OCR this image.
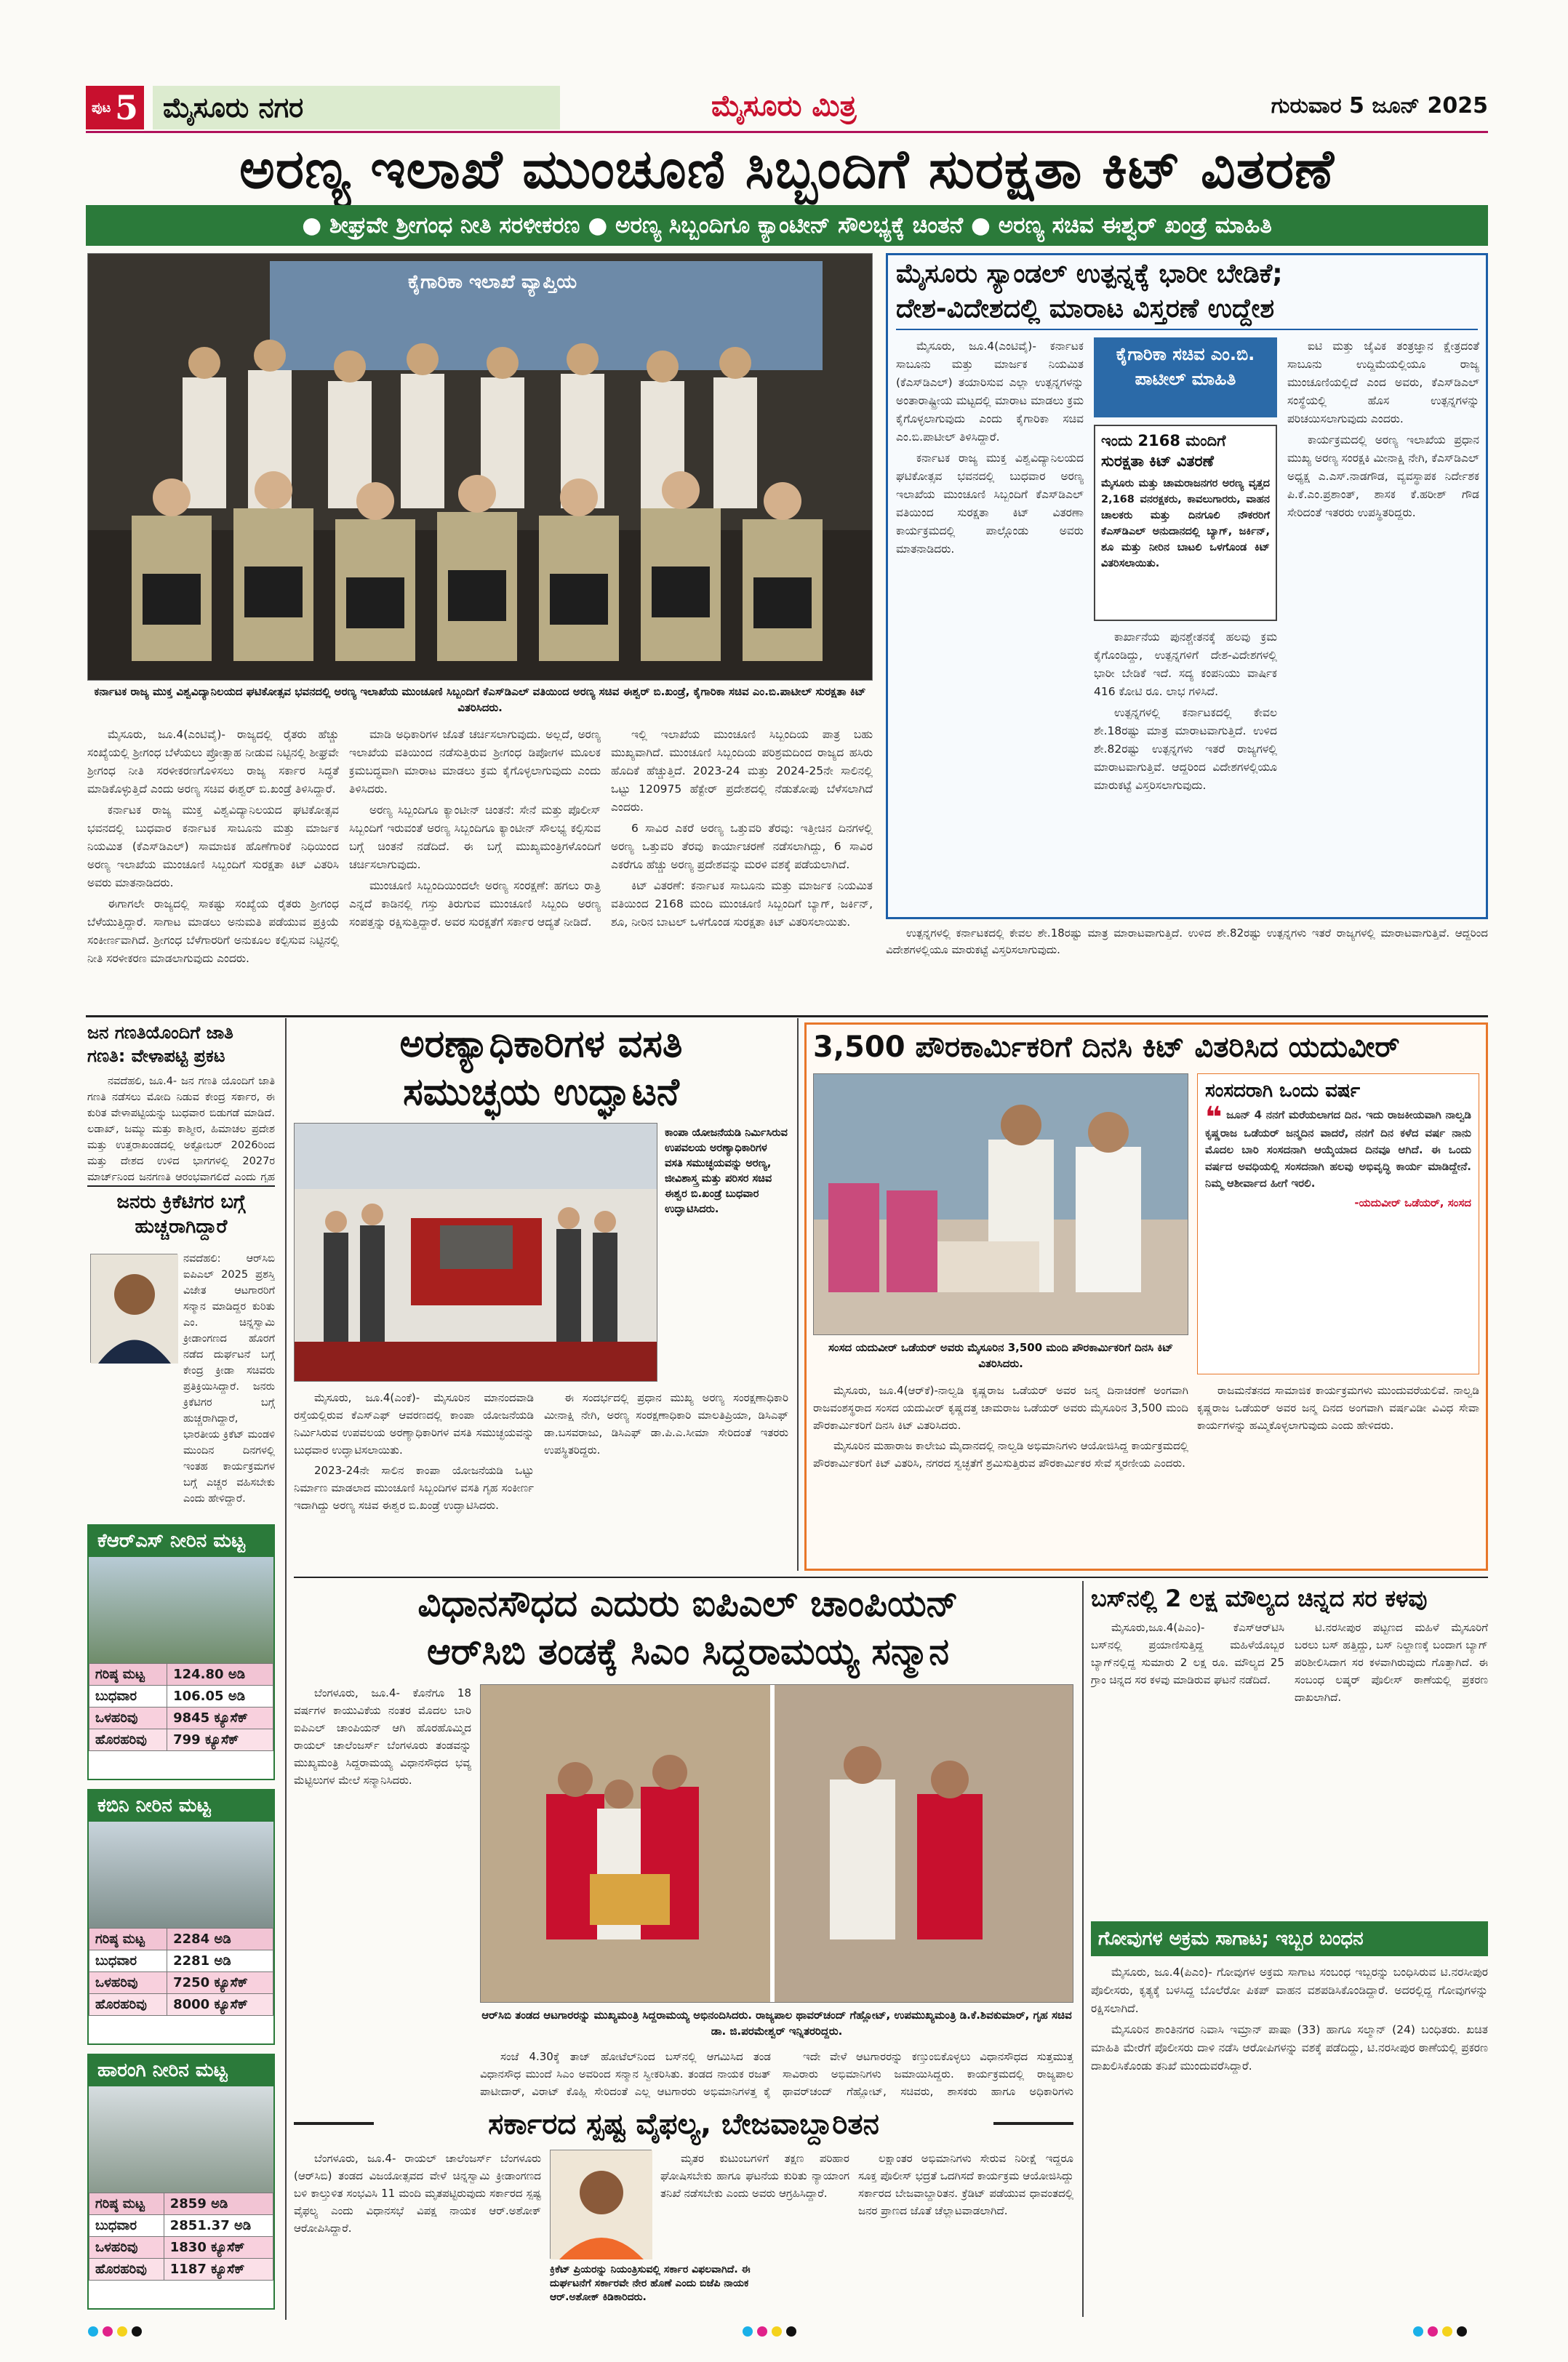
ಪುಟ 5 ಮೈಸೂರು ನಗರ	ಮೈಸೂರು ಮಿತ್ರ	ಗುರುವಾರ 5 ಜೂನ್ 2025
ಅರಣ್ಯ ಇಲಾಖೆ ಮುಂಚೂಣಿ ಸಿಬ್ಬಂದಿಗೆ ಸುರಕ್ಷತಾ ಕಿಟ್ ವಿತರಣೆ
● ಶೀಘ್ರವೇ ಶ್ರೀಗಂಧ ನೀತಿ ಸರಳೀಕರಣ ● ಅರಣ್ಯ ಸಿಬ್ಬಂದಿಗೂ ಕ್ಯಾಂಟೀನ್ ಸೌಲಭ್ಯಕ್ಕೆ ಚಿಂತನೆ ● ಅರಣ್ಯ ಸಚಿವ ಈಶ್ವರ್ ಖಂಡ್ರೆ ಮಾಹಿತಿ
ಕೈಗಾರಿಕಾ ಇಲಾಖೆ ವ್ಯಾಪ್ತಿಯ
ಕರ್ನಾಟಕ ರಾಜ್ಯ ಮುಕ್ತ ವಿಶ್ವವಿದ್ಯಾನಿಲಯದ ಘಟಿಕೋತ್ಸವ ಭವನದಲ್ಲಿ ಅರಣ್ಯ ಇಲಾಖೆಯ ಮುಂಚೂಣಿ ಸಿಬ್ಬಂದಿಗೆ ಕೆಎಸ್‌ಡಿಎಲ್ ವತಿಯಿಂದ ಅರಣ್ಯ ಸಚಿವ ಈಶ್ವರ್ ಬಿ.ಖಂಡ್ರೆ, ಕೈಗಾರಿಕಾ ಸಚಿವ ಎಂ.ಬಿ.ಪಾಟೀಲ್ ಸುರಕ್ಷತಾ ಕಿಟ್ ವಿತರಿಸಿದರು.

ಮೈಸೂರು, ಜೂ.4(ಎಂಟಿವೈ)- ರಾಜ್ಯದಲ್ಲಿ ರೈತರು ಹೆಚ್ಚು ಸಂಖ್ಯೆಯಲ್ಲಿ ಶ್ರೀಗಂಧ ಬೆಳೆಯಲು ಪ್ರೋತ್ಸಾಹ ನೀಡುವ ನಿಟ್ಟಿನಲ್ಲಿ ಶೀಘ್ರವೇ ಶ್ರೀಗಂಧ ನೀತಿ ಸರಳೀಕರಣಗೊಳಿಸಲು ರಾಜ್ಯ ಸರ್ಕಾರ ಸಿದ್ಧತೆ ಮಾಡಿಕೊಳ್ಳುತ್ತಿದೆ ಎಂದು ಅರಣ್ಯ ಸಚಿವ ಈಶ್ವರ್ ಬಿ.ಖಂಡ್ರೆ ತಿಳಿಸಿದ್ದಾರೆ.

ಕರ್ನಾಟಕ ರಾಜ್ಯ ಮುಕ್ತ ವಿಶ್ವವಿದ್ಯಾನಿಲಯದ ಘಟಿಕೋತ್ಸವ ಭವನದಲ್ಲಿ ಬುಧವಾರ ಕರ್ನಾಟಕ ಸಾಬೂನು ಮತ್ತು ಮಾರ್ಜಕ ನಿಯಮಿತ (ಕೆಎಸ್‌ಡಿಎಲ್) ಸಾಮಾಜಿಕ ಹೊಣೆಗಾರಿಕೆ ನಿಧಿಯಿಂದ ಅರಣ್ಯ ಇಲಾಖೆಯ ಮುಂಚೂಣಿ ಸಿಬ್ಬಂದಿಗೆ ಸುರಕ್ಷತಾ ಕಿಟ್ ವಿತರಿಸಿ ಅವರು ಮಾತನಾಡಿದರು.

ಈಗಾಗಲೇ ರಾಜ್ಯದಲ್ಲಿ ಸಾಕಷ್ಟು ಸಂಖ್ಯೆಯ ರೈತರು ಶ್ರೀಗಂಧ ಬೆಳೆಯುತ್ತಿದ್ದಾರೆ. ಸಾಗಾಟ ಮಾಡಲು ಅನುಮತಿ ಪಡೆಯುವ ಪ್ರಕ್ರಿಯೆ ಸಂಕೀರ್ಣವಾಗಿದೆ. ಶ್ರೀಗಂಧ ಬೆಳೆಗಾರರಿಗೆ ಅನುಕೂಲ ಕಲ್ಪಿಸುವ ನಿಟ್ಟಿನಲ್ಲಿ ನೀತಿ ಸರಳೀಕರಣ ಮಾಡಲಾಗುವುದು ಎಂದರು.

ಮಾಡಿ ಅಧಿಕಾರಿಗಳ ಜೊತೆ ಚರ್ಚಿಸಲಾಗುವುದು. ಅಲ್ಲದೆ, ಅರಣ್ಯ ಇಲಾಖೆಯ ವತಿಯಿಂದ ನಡೆಸುತ್ತಿರುವ ಶ್ರೀಗಂಧ ಡಿಪೋಗಳ ಮೂಲಕ ಕ್ರಮಬದ್ಧವಾಗಿ ಮಾರಾಟ ಮಾಡಲು ಕ್ರಮ ಕೈಗೊಳ್ಳಲಾಗುವುದು ಎಂದು ತಿಳಿಸಿದರು.

ಅರಣ್ಯ ಸಿಬ್ಬಂದಿಗೂ ಕ್ಯಾಂಟೀನ್ ಚಿಂತನೆ: ಸೇನೆ ಮತ್ತು ಪೊಲೀಸ್ ಸಿಬ್ಬಂದಿಗೆ ಇರುವಂತೆ ಅರಣ್ಯ ಸಿಬ್ಬಂದಿಗೂ ಕ್ಯಾಂಟೀನ್ ಸೌಲಭ್ಯ ಕಲ್ಪಿಸುವ ಬಗ್ಗೆ ಚಿಂತನೆ ನಡೆದಿದೆ. ಈ ಬಗ್ಗೆ ಮುಖ್ಯಮಂತ್ರಿಗಳೊಂದಿಗೆ ಚರ್ಚಿಸಲಾಗುವುದು.

ಮುಂಚೂಣಿ ಸಿಬ್ಬಂದಿಯಿಂದಲೇ ಅರಣ್ಯ ಸಂರಕ್ಷಣೆ: ಹಗಲು ರಾತ್ರಿ ಎನ್ನದೆ ಕಾಡಿನಲ್ಲಿ ಗಸ್ತು ತಿರುಗುವ ಮುಂಚೂಣಿ ಸಿಬ್ಬಂದಿ ಅರಣ್ಯ ಸಂಪತ್ತನ್ನು ರಕ್ಷಿಸುತ್ತಿದ್ದಾರೆ. ಅವರ ಸುರಕ್ಷತೆಗೆ ಸರ್ಕಾರ ಆದ್ಯತೆ ನೀಡಿದೆ.

ಇಲ್ಲಿ ಇಲಾಖೆಯ ಮುಂಚೂಣಿ ಸಿಬ್ಬಂದಿಯ ಪಾತ್ರ ಬಹು ಮುಖ್ಯವಾಗಿದೆ. ಮುಂಚೂಣಿ ಸಿಬ್ಬಂದಿಯ ಪರಿಶ್ರಮದಿಂದ ರಾಜ್ಯದ ಹಸಿರು ಹೊದಿಕೆ ಹೆಚ್ಚುತ್ತಿದೆ. 2023-24 ಮತ್ತು 2024-25ನೇ ಸಾಲಿನಲ್ಲಿ ಒಟ್ಟು 120975 ಹೆಕ್ಟೇರ್ ಪ್ರದೇಶದಲ್ಲಿ ನೆಡುತೋಪು ಬೆಳೆಸಲಾಗಿದೆ ಎಂದರು.

6 ಸಾವಿರ ಎಕರೆ ಅರಣ್ಯ ಒತ್ತುವರಿ ತೆರವು: ಇತ್ತೀಚಿನ ದಿನಗಳಲ್ಲಿ ಅರಣ್ಯ ಒತ್ತುವರಿ ತೆರವು ಕಾರ್ಯಾಚರಣೆ ನಡೆಸಲಾಗಿದ್ದು, 6 ಸಾವಿರ ಎಕರೆಗೂ ಹೆಚ್ಚು ಅರಣ್ಯ ಪ್ರದೇಶವನ್ನು ಮರಳಿ ವಶಕ್ಕೆ ಪಡೆಯಲಾಗಿದೆ.

ಕಿಟ್ ವಿತರಣೆ: ಕರ್ನಾಟಕ ಸಾಬೂನು ಮತ್ತು ಮಾರ್ಜಕ ನಿಯಮಿತ ವತಿಯಿಂದ 2168 ಮಂದಿ ಮುಂಚೂಣಿ ಸಿಬ್ಬಂದಿಗೆ ಬ್ಯಾಗ್, ಜರ್ಕಿನ್, ಶೂ, ನೀರಿನ ಬಾಟಲ್ ಒಳಗೊಂಡ ಸುರಕ್ಷತಾ ಕಿಟ್ ವಿತರಿಸಲಾಯಿತು.

ಮೈಸೂರು ಸ್ಯಾಂಡಲ್ ಉತ್ಪನ್ನಕ್ಕೆ ಭಾರೀ ಬೇಡಿಕೆ;
ದೇಶ-ವಿದೇಶದಲ್ಲಿ ಮಾರಾಟ ವಿಸ್ತರಣೆ ಉದ್ದೇಶ

ಮೈಸೂರು, ಜೂ.4(ಎಂಟಿವೈ)- ಕರ್ನಾಟಕ ಸಾಬೂನು ಮತ್ತು ಮಾರ್ಜಕ ನಿಯಮಿತ (ಕೆಎಸ್‌ಡಿಎಲ್) ತಯಾರಿಸುವ ಎಲ್ಲಾ ಉತ್ಪನ್ನಗಳನ್ನು ಅಂತಾರಾಷ್ಟ್ರೀಯ ಮಟ್ಟದಲ್ಲಿ ಮಾರಾಟ ಮಾಡಲು ಕ್ರಮ ಕೈಗೊಳ್ಳಲಾಗುವುದು ಎಂದು ಕೈಗಾರಿಕಾ ಸಚಿವ ಎಂ.ಬಿ.ಪಾಟೀಲ್ ತಿಳಿಸಿದ್ದಾರೆ.

ಕರ್ನಾಟಕ ರಾಜ್ಯ ಮುಕ್ತ ವಿಶ್ವವಿದ್ಯಾನಿಲಯದ ಘಟಿಕೋತ್ಸವ ಭವನದಲ್ಲಿ ಬುಧವಾರ ಅರಣ್ಯ ಇಲಾಖೆಯ ಮುಂಚೂಣಿ ಸಿಬ್ಬಂದಿಗೆ ಕೆಎಸ್‌ಡಿಎಲ್ ವತಿಯಿಂದ ಸುರಕ್ಷತಾ ಕಿಟ್ ವಿತರಣಾ ಕಾರ್ಯಕ್ರಮದಲ್ಲಿ ಪಾಲ್ಗೊಂಡು ಅವರು ಮಾತನಾಡಿದರು.

ಕೈಗಾರಿಕಾ ಸಚಿವ ಎಂ.ಬಿ. ಪಾಟೀಲ್ ಮಾಹಿತಿ
ಇಂದು 2168 ಮಂದಿಗೆ ಸುರಕ್ಷತಾ ಕಿಟ್ ವಿತರಣೆ
ಮೈಸೂರು ಮತ್ತು ಚಾಮರಾಜನಗರ ಅರಣ್ಯ ವೃತ್ತದ 2,168 ವನರಕ್ಷಕರು, ಕಾವಲುಗಾರರು, ವಾಹನ ಚಾಲಕರು ಮತ್ತು ದಿನಗೂಲಿ ನೌಕರರಿಗೆ ಕೆಎಸ್‌ಡಿಎಲ್ ಅನುದಾನದಲ್ಲಿ ಬ್ಯಾಗ್, ಜರ್ಕಿನ್, ಶೂ ಮತ್ತು ನೀರಿನ ಬಾಟಲಿ ಒಳಗೊಂಡ ಕಿಟ್ ವಿತರಿಸಲಾಯಿತು.

ಕಾರ್ಖಾನೆಯ ಪುನಶ್ಚೇತನಕ್ಕೆ ಹಲವು ಕ್ರಮ ಕೈಗೊಂಡಿದ್ದು, ಉತ್ಪನ್ನಗಳಿಗೆ ದೇಶ-ವಿದೇಶಗಳಲ್ಲಿ ಭಾರೀ ಬೇಡಿಕೆ ಇದೆ. ಸದ್ಯ ಕಂಪನಿಯು ವಾರ್ಷಿಕ 416 ಕೋಟಿ ರೂ. ಲಾಭ ಗಳಿಸಿದೆ.

ಉತ್ಪನ್ನಗಳಲ್ಲಿ ಕರ್ನಾಟಕದಲ್ಲಿ ಕೇವಲ ಶೇ.18ರಷ್ಟು ಮಾತ್ರ ಮಾರಾಟವಾಗುತ್ತಿದೆ. ಉಳಿದ ಶೇ.82ರಷ್ಟು ಉತ್ಪನ್ನಗಳು ಇತರೆ ರಾಜ್ಯಗಳಲ್ಲಿ ಮಾರಾಟವಾಗುತ್ತಿವೆ. ಆದ್ದರಿಂದ ವಿದೇಶಗಳಲ್ಲಿಯೂ ಮಾರುಕಟ್ಟೆ ವಿಸ್ತರಿಸಲಾಗುವುದು.

ಐಟಿ ಮತ್ತು ಜೈವಿಕ ತಂತ್ರಜ್ಞಾನ ಕ್ಷೇತ್ರದಂತೆ ಸಾಬೂನು ಉದ್ದಿಮೆಯಲ್ಲಿಯೂ ರಾಜ್ಯ ಮುಂಚೂಣಿಯಲ್ಲಿದೆ ಎಂದ ಅವರು, ಕೆಎಸ್‌ಡಿಎಲ್ ಸಂಸ್ಥೆಯಲ್ಲಿ ಹೊಸ ಉತ್ಪನ್ನಗಳನ್ನು ಪರಿಚಯಿಸಲಾಗುವುದು ಎಂದರು.

ಕಾರ್ಯಕ್ರಮದಲ್ಲಿ ಅರಣ್ಯ ಇಲಾಖೆಯ ಪ್ರಧಾನ ಮುಖ್ಯ ಅರಣ್ಯ ಸಂರಕ್ಷಕಿ ಮೀನಾಕ್ಷಿ ನೇಗಿ, ಕೆಎಸ್‌ಡಿಎಲ್ ಅಧ್ಯಕ್ಷ ಎ.ಎಸ್.ನಾಡಗೌಡ, ವ್ಯವಸ್ಥಾಪಕ ನಿರ್ದೇಶಕ ಪಿ.ಕೆ.ಎಂ.ಪ್ರಶಾಂತ್, ಶಾಸಕ ಕೆ.ಹರೀಶ್ ಗೌಡ ಸೇರಿದಂತೆ ಇತರರು ಉಪಸ್ಥಿತರಿದ್ದರು.

ಉತ್ಪನ್ನಗಳಲ್ಲಿ ಕರ್ನಾಟಕದಲ್ಲಿ ಕೇವಲ ಶೇ.18ರಷ್ಟು ಮಾತ್ರ ಮಾರಾಟವಾಗುತ್ತಿದೆ. ಉಳಿದ ಶೇ.82ರಷ್ಟು ಉತ್ಪನ್ನಗಳು ಇತರೆ ರಾಜ್ಯಗಳಲ್ಲಿ ಮಾರಾಟವಾಗುತ್ತಿವೆ. ಆದ್ದರಿಂದ ವಿದೇಶಗಳಲ್ಲಿಯೂ ಮಾರುಕಟ್ಟೆ ವಿಸ್ತರಿಸಲಾಗುವುದು.

ಜನ ಗಣತಿಯೊಂದಿಗೆ ಜಾತಿ ಗಣತಿ: ವೇಳಾಪಟ್ಟಿ ಪ್ರಕಟ

ನವದೆಹಲಿ, ಜೂ.4- ಜನ ಗಣತಿ ಯೊಂದಿಗೆ ಜಾತಿ ಗಣತಿ ನಡೆಸಲು ಮೋದಿ ನಿಡುವ ಕೇಂದ್ರ ಸರ್ಕಾರ, ಈ ಕುರಿತ ವೇಳಾಪಟ್ಟಿಯನ್ನು ಬುಧವಾರ ಬಿಡುಗಡೆ ಮಾಡಿದೆ. ಲಡಾಖ್, ಜಮ್ಮು ಮತ್ತು ಕಾಶ್ಮೀರ, ಹಿಮಾಚಲ ಪ್ರದೇಶ ಮತ್ತು ಉತ್ತರಾಖಂಡದಲ್ಲಿ ಅಕ್ಟೋಬರ್ 2026ರಿಂದ ಮತ್ತು ದೇಶದ ಉಳಿದ ಭಾಗಗಳಲ್ಲಿ 2027ರ ಮಾರ್ಚ್‌ನಿಂದ ಜನಗಣತಿ ಆರಂಭವಾಗಲಿದೆ ಎಂದು ಗೃಹ

ಜನರು ಕ್ರಿಕೆಟಿಗರ ಬಗ್ಗೆ ಹುಚ್ಚರಾಗಿದ್ದಾರೆ

ನವದೆಹಲಿ: ಆರ್‌ಸಿಬಿ ಐಪಿಎಲ್ 2025 ಪ್ರಶಸ್ತಿ ವಿಜೇತ ಆಟಗಾರರಿಗೆ ಸನ್ಮಾನ ಮಾಡಿದ್ದರ ಕುರಿತು ಎಂ. ಚಿನ್ನಸ್ವಾಮಿ ಕ್ರೀಡಾಂಗಣದ ಹೊರಗೆ ನಡೆದ ದುರ್ಘಟನೆ ಬಗ್ಗೆ ಕೇಂದ್ರ ಕ್ರೀಡಾ ಸಚಿವರು ಪ್ರತಿಕ್ರಿಯಿಸಿದ್ದಾರೆ. ಜನರು ಕ್ರಿಕೆಟಿಗರ ಬಗ್ಗೆ ಹುಚ್ಚರಾಗಿದ್ದಾರೆ, ಭಾರತೀಯ ಕ್ರಿಕೆಟ್ ಮಂಡಳಿ ಮುಂದಿನ ದಿನಗಳಲ್ಲಿ ಇಂತಹ ಕಾರ್ಯಕ್ರಮಗಳ ಬಗ್ಗೆ ಎಚ್ಚರ ವಹಿಸಬೇಕು ಎಂದು ಹೇಳಿದ್ದಾರೆ.

ಕೆಆರ್‌ಎಸ್ ನೀರಿನ ಮಟ್ಟ
ಗರಿಷ್ಠ ಮಟ್ಟ	124.80 ಅಡಿ
ಬುಧವಾರ	106.05 ಅಡಿ
ಒಳಹರಿವು	9845 ಕ್ಯೂಸೆಕ್
ಹೊರಹರಿವು	799 ಕ್ಯೂಸೆಕ್
ಕಬಿನಿ ನೀರಿನ ಮಟ್ಟ
ಗರಿಷ್ಠ ಮಟ್ಟ	2284 ಅಡಿ
ಬುಧವಾರ	2281 ಅಡಿ
ಒಳಹರಿವು	7250 ಕ್ಯೂಸೆಕ್
ಹೊರಹರಿವು	8000 ಕ್ಯೂಸೆಕ್
ಹಾರಂಗಿ ನೀರಿನ ಮಟ್ಟ
ಗರಿಷ್ಠ ಮಟ್ಟ	2859 ಅಡಿ
ಬುಧವಾರ	2851.37 ಅಡಿ
ಒಳಹರಿವು	1830 ಕ್ಯೂಸೆಕ್
ಹೊರಹರಿವು	1187 ಕ್ಯೂಸೆಕ್
ಅರಣ್ಯಾಧಿಕಾರಿಗಳ ವಸತಿ
ಸಮುಚ್ಛಯ ಉದ್ಘಾಟನೆ
ಕಾಂಪಾ ಯೋಜನೆಯಡಿ ನಿರ್ಮಿಸಿರುವ ಉಪವಲಯ ಅರಣ್ಯಾಧಿಕಾರಿಗಳ ವಸತಿ ಸಮುಚ್ಛಯವನ್ನು ಅರಣ್ಯ, ಜೀವಿಶಾಸ್ತ್ರ ಮತ್ತು ಪರಿಸರ ಸಚಿವ ಈಶ್ವರ ಬಿ.ಖಂಡ್ರೆ ಬುಧವಾರ ಉದ್ಘಾಟಿಸಿದರು.

ಮೈಸೂರು, ಜೂ.4(ಎಂಕೆ)- ಮೈಸೂರಿನ ಮಾನಂದವಾಡಿ ರಸ್ತೆಯಲ್ಲಿರುವ ಕೆಎಸ್‌ಎಫ್ ಆವರಣದಲ್ಲಿ ಕಾಂಪಾ ಯೋಜನೆಯಡಿ ನಿರ್ಮಿಸಿರುವ ಉಪವಲಯ ಅರಣ್ಯಾಧಿಕಾರಿಗಳ ವಸತಿ ಸಮುಚ್ಛಯವನ್ನು ಬುಧವಾರ ಉದ್ಘಾಟಿಸಲಾಯಿತು.

2023-24ನೇ ಸಾಲಿನ ಕಾಂಪಾ ಯೋಜನೆಯಡಿ ಒಟ್ಟು ನಿರ್ಮಾಣ ಮಾಡಲಾದ ಮುಂಚೂಣಿ ಸಿಬ್ಬಂದಿಗಳ ವಸತಿ ಗೃಹ ಸಂಕೀರ್ಣ ಇದಾಗಿದ್ದು ಅರಣ್ಯ ಸಚಿವ ಈಶ್ವರ ಬಿ.ಖಂಡ್ರೆ ಉದ್ಘಾಟಿಸಿದರು.

ಈ ಸಂದರ್ಭದಲ್ಲಿ ಪ್ರಧಾನ ಮುಖ್ಯ ಅರಣ್ಯ ಸಂರಕ್ಷಣಾಧಿಕಾರಿ ಮೀನಾಕ್ಷಿ ನೇಗಿ, ಅರಣ್ಯ ಸಂರಕ್ಷಣಾಧಿಕಾರಿ ಮಾಲತಿಪ್ರಿಯಾ, ಡಿಸಿಎಫ್ ಡಾ.ಬಸವರಾಜು, ಡಿಸಿಎಫ್ ಡಾ.ಪಿ.ಎ.ಸೀಮಾ ಸೇರಿದಂತೆ ಇತರರು ಉಪಸ್ಥಿತರಿದ್ದರು.

3,500 ಪೌರಕಾರ್ಮಿಕರಿಗೆ ದಿನಸಿ ಕಿಟ್ ವಿತರಿಸಿದ ಯದುವೀರ್
ಸಂಸದ ಯದುವೀರ್ ಒಡೆಯರ್ ಅವರು ಮೈಸೂರಿನ 3,500 ಮಂದಿ ಪೌರಕಾರ್ಮಿಕರಿಗೆ ದಿನಸಿ ಕಿಟ್ ವಿತರಿಸಿದರು.
ಸಂಸದರಾಗಿ ಒಂದು ವರ್ಷ
❝ ಜೂನ್ 4 ನನಗೆ ಮರೆಯಲಾಗದ ದಿನ. ಇದು ರಾಜಕೀಯವಾಗಿ ನಾಲ್ವಡಿ ಕೃಷ್ಣರಾಜ ಒಡೆಯರ್ ಜನ್ಮದಿನ ವಾದರೆ, ನನಗೆ ದಿನ ಕಳೆದ ವರ್ಷ ನಾನು ಮೊದಲ ಬಾರಿ ಸಂಸದನಾಗಿ ಆಯ್ಕೆಯಾದ ದಿನವೂ ಆಗಿದೆ. ಈ ಒಂದು ವರ್ಷದ ಅವಧಿಯಲ್ಲಿ ಸಂಸದನಾಗಿ ಹಲವು ಅಭಿವೃದ್ಧಿ ಕಾರ್ಯ ಮಾಡಿದ್ದೇನೆ. ನಿಮ್ಮ ಆಶೀರ್ವಾದ ಹೀಗೆ ಇರಲಿ.
-ಯದುವೀರ್ ಒಡೆಯರ್, ಸಂಸದ

ಮೈಸೂರು, ಜೂ.4(ಆರ್‌ಕೆ)-ನಾಲ್ವಡಿ ಕೃಷ್ಣರಾಜ ಒಡೆಯರ್ ಅವರ ಜನ್ಮ ದಿನಾಚರಣೆ ಅಂಗವಾಗಿ ರಾಜವಂಶಸ್ಥರಾದ ಸಂಸದ ಯದುವೀರ್ ಕೃಷ್ಣದತ್ತ ಚಾಮರಾಜ ಒಡೆಯರ್ ಅವರು ಮೈಸೂರಿನ 3,500 ಮಂದಿ ಪೌರಕಾರ್ಮಿಕರಿಗೆ ದಿನಸಿ ಕಿಟ್ ವಿತರಿಸಿದರು.

ಮೈಸೂರಿನ ಮಹಾರಾಜ ಕಾಲೇಜು ಮೈದಾನದಲ್ಲಿ ನಾಲ್ವಡಿ ಅಭಿಮಾನಿಗಳು ಆಯೋಜಿಸಿದ್ದ ಕಾರ್ಯಕ್ರಮದಲ್ಲಿ ಪೌರಕಾರ್ಮಿಕರಿಗೆ ಕಿಟ್ ವಿತರಿಸಿ, ನಗರದ ಸ್ವಚ್ಛತೆಗೆ ಶ್ರಮಿಸುತ್ತಿರುವ ಪೌರಕಾರ್ಮಿಕರ ಸೇವೆ ಸ್ಮರಣೀಯ ಎಂದರು.

ರಾಜಮನೆತನದ ಸಾಮಾಜಿಕ ಕಾರ್ಯಕ್ರಮಗಳು ಮುಂದುವರೆಯಲಿವೆ. ನಾಲ್ವಡಿ ಕೃಷ್ಣರಾಜ ಒಡೆಯರ್ ಅವರ ಜನ್ಮ ದಿನದ ಅಂಗವಾಗಿ ವರ್ಷವಿಡೀ ವಿವಿಧ ಸೇವಾ ಕಾರ್ಯಗಳನ್ನು ಹಮ್ಮಿಕೊಳ್ಳಲಾಗುವುದು ಎಂದು ಹೇಳಿದರು.

ವಿಧಾನಸೌಧದ ಎದುರು ಐಪಿಎಲ್ ಚಾಂಪಿಯನ್
ಆರ್‌ಸಿಬಿ ತಂಡಕ್ಕೆ ಸಿಎಂ ಸಿದ್ದರಾಮಯ್ಯ ಸನ್ಮಾನ

ಬೆಂಗಳೂರು, ಜೂ.4- ಕೊನೆಗೂ 18 ವರ್ಷಗಳ ಕಾಯುವಿಕೆಯ ನಂತರ ಮೊದಲ ಬಾರಿ ಐಪಿಎಲ್ ಚಾಂಪಿಯನ್ ಆಗಿ ಹೊರಹೊಮ್ಮಿದ ರಾಯಲ್ ಚಾಲೆಂಜರ್ಸ್ ಬೆಂಗಳೂರು ತಂಡವನ್ನು ಮುಖ್ಯಮಂತ್ರಿ ಸಿದ್ದರಾಮಯ್ಯ ವಿಧಾನಸೌಧದ ಭವ್ಯ ಮೆಟ್ಟಿಲುಗಳ ಮೇಲೆ ಸನ್ಮಾನಿಸಿದರು.

ಆರ್‌ಸಿಬಿ ತಂಡದ ಆಟಗಾರರನ್ನು ಮುಖ್ಯಮಂತ್ರಿ ಸಿದ್ದರಾಮಯ್ಯ ಅಭಿನಂದಿಸಿದರು. ರಾಜ್ಯಪಾಲ ಥಾವರ್‌ಚಂದ್ ಗೆಹ್ಲೋಟ್, ಉಪಮುಖ್ಯಮಂತ್ರಿ ಡಿ.ಕೆ.ಶಿವಕುಮಾರ್, ಗೃಹ ಸಚಿವ ಡಾ. ಜಿ.ಪರಮೇಶ್ವರ್ ಇನ್ನಿತರರಿದ್ದರು.

ಸಂಜೆ 4.30ಕ್ಕೆ ತಾಜ್ ಹೋಟೆಲ್‌ನಿಂದ ಬಸ್‌ನಲ್ಲಿ ಆಗಮಿಸಿದ ತಂಡ ವಿಧಾನಸೌಧ ಮುಂದೆ ಸಿಎಂ ಅವರಿಂದ ಸನ್ಮಾನ ಸ್ವೀಕರಿಸಿತು. ತಂಡದ ನಾಯಕ ರಜತ್ ಪಾಟೀದಾರ್, ವಿರಾಟ್ ಕೊಹ್ಲಿ ಸೇರಿದಂತೆ ಎಲ್ಲ ಆಟಗಾರರು ಅಭಿಮಾನಿಗಳತ್ತ ಕೈ

ಇದೇ ವೇಳೆ ಆಟಗಾರರನ್ನು ಕಣ್ತುಂಬಿಕೊಳ್ಳಲು ವಿಧಾನಸೌಧದ ಸುತ್ತಮುತ್ತ ಸಾವಿರಾರು ಅಭಿಮಾನಿಗಳು ಜಮಾಯಿಸಿದ್ದರು. ಕಾರ್ಯಕ್ರಮದಲ್ಲಿ ರಾಜ್ಯಪಾಲ ಥಾವರ್‌ಚಂದ್ ಗೆಹ್ಲೋಟ್, ಸಚಿವರು, ಶಾಸಕರು ಹಾಗೂ ಅಧಿಕಾರಿಗಳು

ಸರ್ಕಾರದ ಸ್ಪಷ್ಟ ವೈಫಲ್ಯ, ಬೇಜವಾಬ್ದಾರಿತನ

ಬೆಂಗಳೂರು, ಜೂ.4- ರಾಯಲ್ ಚಾಲೆಂಜರ್ಸ್ ಬೆಂಗಳೂರು (ಆರ್‌ಸಿಬಿ) ತಂಡದ ವಿಜಯೋತ್ಸವದ ವೇಳೆ ಚಿನ್ನಸ್ವಾಮಿ ಕ್ರೀಡಾಂಗಣದ ಬಳಿ ಕಾಲ್ತುಳಿತ ಸಂಭವಿಸಿ 11 ಮಂದಿ ಮೃತಪಟ್ಟಿರುವುದು ಸರ್ಕಾರದ ಸ್ಪಷ್ಟ ವೈಫಲ್ಯ ಎಂದು ವಿಧಾನಸಭೆ ವಿಪಕ್ಷ ನಾಯಕ ಆರ್.ಅಶೋಕ್ ಆರೋಪಿಸಿದ್ದಾರೆ.

ಕ್ರಿಕೆಟ್ ಪ್ರಿಯರನ್ನು ನಿಯಂತ್ರಿಸುವಲ್ಲಿ ಸರ್ಕಾರ ವಿಫಲವಾಗಿದೆ. ಈ ದುರ್ಘಟನೆಗೆ ಸರ್ಕಾರವೇ ನೇರ ಹೊಣೆ ಎಂದು ಬಿಜೆಪಿ ನಾಯಕ ಆರ್.ಅಶೋಕ್ ಕಿಡಿಕಾರಿದರು.

ಮೃತರ ಕುಟುಂಬಗಳಿಗೆ ತಕ್ಷಣ ಪರಿಹಾರ ಘೋಷಿಸಬೇಕು ಹಾಗೂ ಘಟನೆಯ ಕುರಿತು ನ್ಯಾಯಾಂಗ ತನಿಖೆ ನಡೆಸಬೇಕು ಎಂದು ಅವರು ಆಗ್ರಹಿಸಿದ್ದಾರೆ.

ಲಕ್ಷಾಂತರ ಅಭಿಮಾನಿಗಳು ಸೇರುವ ನಿರೀಕ್ಷೆ ಇದ್ದರೂ ಸೂಕ್ತ ಪೊಲೀಸ್ ಭದ್ರತೆ ಒದಗಿಸದೆ ಕಾರ್ಯಕ್ರಮ ಆಯೋಜಿಸಿದ್ದು ಸರ್ಕಾರದ ಬೇಜವಾಬ್ದಾರಿತನ. ಕ್ರೆಡಿಟ್ ಪಡೆಯುವ ಧಾವಂತದಲ್ಲಿ ಜನರ ಪ್ರಾಣದ ಜೊತೆ ಚೆಲ್ಲಾಟವಾಡಲಾಗಿದೆ.

ಬಸ್‌ನಲ್ಲಿ 2 ಲಕ್ಷ ಮೌಲ್ಯದ ಚಿನ್ನದ ಸರ ಕಳವು

ಮೈಸೂರು,ಜೂ.4(ಪಿಎಂ)- ಕೆಎಸ್ಆರ್‌ಟಿಸಿ ಬಸ್‌ನಲ್ಲಿ ಪ್ರಯಾಣಿಸುತ್ತಿದ್ದ ಮಹಿಳೆಯೊಬ್ಬರ ಬ್ಯಾಗ್‌ನಲ್ಲಿದ್ದ ಸುಮಾರು 2 ಲಕ್ಷ ರೂ. ಮೌಲ್ಯದ 25 ಗ್ರಾಂ ಚಿನ್ನದ ಸರ ಕಳವು ಮಾಡಿರುವ ಘಟನೆ ನಡೆದಿದೆ.

ಟಿ.ನರಸೀಪುರ ಪಟ್ಟಣದ ಮಹಿಳೆ ಮೈಸೂರಿಗೆ ಬರಲು ಬಸ್ ಹತ್ತಿದ್ದು, ಬಸ್ ನಿಲ್ದಾಣಕ್ಕೆ ಬಂದಾಗ ಬ್ಯಾಗ್ ಪರಿಶೀಲಿಸಿದಾಗ ಸರ ಕಳವಾಗಿರುವುದು ಗೊತ್ತಾಗಿದೆ. ಈ ಸಂಬಂಧ ಲಷ್ಕರ್ ಪೊಲೀಸ್ ಠಾಣೆಯಲ್ಲಿ ಪ್ರಕರಣ ದಾಖಲಾಗಿದೆ.

ಗೋವುಗಳ ಅಕ್ರಮ ಸಾಗಾಟ; ಇಬ್ಬರ ಬಂಧನ

ಮೈಸೂರು, ಜೂ.4(ಪಿಎಂ)- ಗೋವುಗಳ ಅಕ್ರಮ ಸಾಗಾಟ ಸಂಬಂಧ ಇಬ್ಬರನ್ನು ಬಂಧಿಸಿರುವ ಟಿ.ನರಸೀಪುರ ಪೊಲೀಸರು, ಕೃತ್ಯಕ್ಕೆ ಬಳಸಿದ್ದ ಬೊಲೆರೋ ಪಿಕಪ್ ವಾಹನ ವಶಪಡಿಸಿಕೊಂಡಿದ್ದಾರೆ. ಅದರಲ್ಲಿದ್ದ ಗೋವುಗಳನ್ನು ರಕ್ಷಿಸಲಾಗಿದೆ.

ಮೈಸೂರಿನ ಶಾಂತಿನಗರ ನಿವಾಸಿ ಇಮ್ರಾನ್ ಪಾಷಾ (33) ಹಾಗೂ ಸಲ್ಮಾನ್ (24) ಬಂಧಿತರು. ಖಚಿತ ಮಾಹಿತಿ ಮೇರೆಗೆ ಪೊಲೀಸರು ದಾಳಿ ನಡೆಸಿ ಆರೋಪಿಗಳನ್ನು ವಶಕ್ಕೆ ಪಡೆದಿದ್ದು, ಟಿ.ನರಸೀಪುರ ಠಾಣೆಯಲ್ಲಿ ಪ್ರಕರಣ ದಾಖಲಿಸಿಕೊಂಡು ತನಿಖೆ ಮುಂದುವರೆಸಿದ್ದಾರೆ.
